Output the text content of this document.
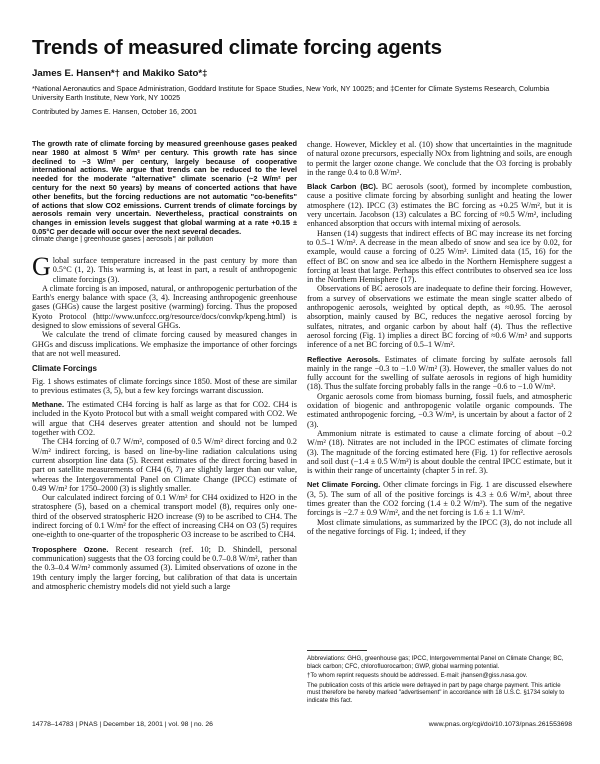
Trends of measured climate forcing agents
James E. Hansen*† and Makiko Sato*‡
*National Aeronautics and Space Administration, Goddard Institute for Space Studies, New York, NY 10025; and ‡Center for Climate Systems Research, Columbia University Earth Institute, New York, NY 10025
Contributed by James E. Hansen, October 16, 2001
The growth rate of climate forcing by measured greenhouse gases peaked near 1980 at almost 5 W/m² per century. This growth rate has since declined to ~3 W/m² per century, largely because of cooperative international actions. We argue that trends can be reduced to the level needed for the moderate "alternative" climate scenario (~2 W/m² per century for the next 50 years) by means of concerted actions that have other benefits, but the forcing reductions are not automatic "co-benefits" of actions that slow CO2 emissions. Current trends of climate forcings by aerosols remain very uncertain. Nevertheless, practical constraints on changes in emission levels suggest that global warming at a rate +0.15 ± 0.05°C per decade will occur over the next several decades.
climate change | greenhouse gases | aerosols | air pollution

Global surface temperature increased in the past century by more than 0.5°C (1, 2). This warming is, at least in part, a result of anthropogenic climate forcings (3).

A climate forcing is an imposed, natural, or anthropogenic perturbation of the Earth's energy balance with space (3, 4). Increasing anthropogenic greenhouse gases (GHGs) cause the largest positive (warming) forcing. Thus the proposed Kyoto Protocol (http://www.unfccc.org/resource/docs/convkp/kpeng.html) is designed to slow emissions of several GHGs.

We calculate the trend of climate forcing caused by measured changes in GHGs and discuss implications. We emphasize the importance of other forcings that are not well measured.

Climate Forcings

Fig. 1 shows estimates of climate forcings since 1850. Most of these are similar to previous estimates (3, 5), but a few key forcings warrant discussion.

Methane. The estimated CH4 forcing is half as large as that for CO2. CH4 is included in the Kyoto Protocol but with a small weight compared with CO2. We will argue that CH4 deserves greater attention and should not be lumped together with CO2.

The CH4 forcing of 0.7 W/m², composed of 0.5 W/m² direct forcing and 0.2 W/m² indirect forcing, is based on line-by-line radiation calculations using current absorption line data (5). Recent estimates of the direct forcing based in part on satellite measurements of CH4 (6, 7) are slightly larger than our value, whereas the Intergovernmental Panel on Climate Change (IPCC) estimate of 0.49 W/m² for 1750–2000 (3) is slightly smaller.

Our calculated indirect forcing of 0.1 W/m² for CH4 oxidized to H2O in the stratosphere (5), based on a chemical transport model (8), requires only one-third of the observed stratospheric H2O increase (9) to be ascribed to CH4. The indirect forcing of 0.1 W/m² for the effect of increasing CH4 on O3 (5) requires one-eighth to one-quarter of the tropospheric O3 increase to be ascribed to CH4.

Troposphere Ozone. Recent research (ref. 10; D. Shindell, personal communication) suggests that the O3 forcing could be 0.7–0.8 W/m², rather than the 0.3–0.4 W/m² commonly assumed (3). Limited observations of ozone in the 19th century imply the larger forcing, but calibration of that data is uncertain and atmospheric chemistry models did not yield such a large

change. However, Mickley et al. (10) show that uncertainties in the magnitude of natural ozone precursors, especially NOx from lightning and soils, are enough to permit the larger ozone change. We conclude that the O3 forcing is probably in the range 0.4 to 0.8 W/m².

Black Carbon (BC). BC aerosols (soot), formed by incomplete combustion, cause a positive climate forcing by absorbing sunlight and heating the lower atmosphere (12). IPCC (3) estimates the BC forcing as +0.25 W/m², but it is very uncertain. Jacobson (13) calculates a BC forcing of ≈0.5 W/m², including enhanced absorption that occurs with internal mixing of aerosols.

Hansen (14) suggests that indirect effects of BC may increase its net forcing to 0.5–1 W/m². A decrease in the mean albedo of snow and sea ice by 0.02, for example, would cause a forcing of 0.25 W/m². Limited data (15, 16) for the effect of BC on snow and sea ice albedo in the Northern Hemisphere suggest a forcing at least that large. Perhaps this effect contributes to observed sea ice loss in the Northern Hemisphere (17).

Observations of BC aerosols are inadequate to define their forcing. However, from a survey of observations we estimate the mean single scatter albedo of anthropogenic aerosols, weighted by optical depth, as ≈0.95. The aerosol absorption, mainly caused by BC, reduces the negative aerosol forcing by sulfates, nitrates, and organic carbon by about half (4). Thus the reflective aerosol forcing (Fig. 1) implies a direct BC forcing of ≈0.6 W/m² and supports inference of a net BC forcing of 0.5–1 W/m².

Reflective Aerosols. Estimates of climate forcing by sulfate aerosols fall mainly in the range −0.3 to −1.0 W/m² (3). However, the smaller values do not fully account for the swelling of sulfate aerosols in regions of high humidity (18). Thus the sulfate forcing probably falls in the range −0.6 to −1.0 W/m².

Organic aerosols come from biomass burning, fossil fuels, and atmospheric oxidation of biogenic and anthropogenic volatile organic compounds. The estimated anthropogenic forcing, −0.3 W/m², is uncertain by about a factor of 2 (3).

Ammonium nitrate is estimated to cause a climate forcing of about −0.2 W/m² (18). Nitrates are not included in the IPCC estimates of climate forcing (3). The magnitude of the forcing estimated here (Fig. 1) for reflective aerosols and soil dust (−1.4 ± 0.5 W/m²) is about double the central IPCC estimate, but it is within their range of uncertainty (chapter 5 in ref. 3).

Net Climate Forcing. Other climate forcings in Fig. 1 are discussed elsewhere (3, 5). The sum of all of the positive forcings is 4.3 ± 0.6 W/m², about three times greater than the CO2 forcing (1.4 ± 0.2 W/m²). The sum of the negative forcings is −2.7 ± 0.9 W/m², and the net forcing is 1.6 ± 1.1 W/m².

Most climate simulations, as summarized by the IPCC (3), do not include all of the negative forcings of Fig. 1; indeed, if they

Abbreviations: GHG, greenhouse gas; IPCC, Intergovernmental Panel on Climate Change; BC, black carbon; CFC, chlorofluorocarbon; GWP, global warming potential.

†To whom reprint requests should be addressed. E-mail: jhansen@giss.nasa.gov.

The publication costs of this article were defrayed in part by page charge payment. This article must therefore be hereby marked "advertisement" in accordance with 18 U.S.C. §1734 solely to indicate this fact.

14778–14783 | PNAS | December 18, 2001 | vol. 98 | no. 26	www.pnas.org/cgi/doi/10.1073/pnas.261553698
